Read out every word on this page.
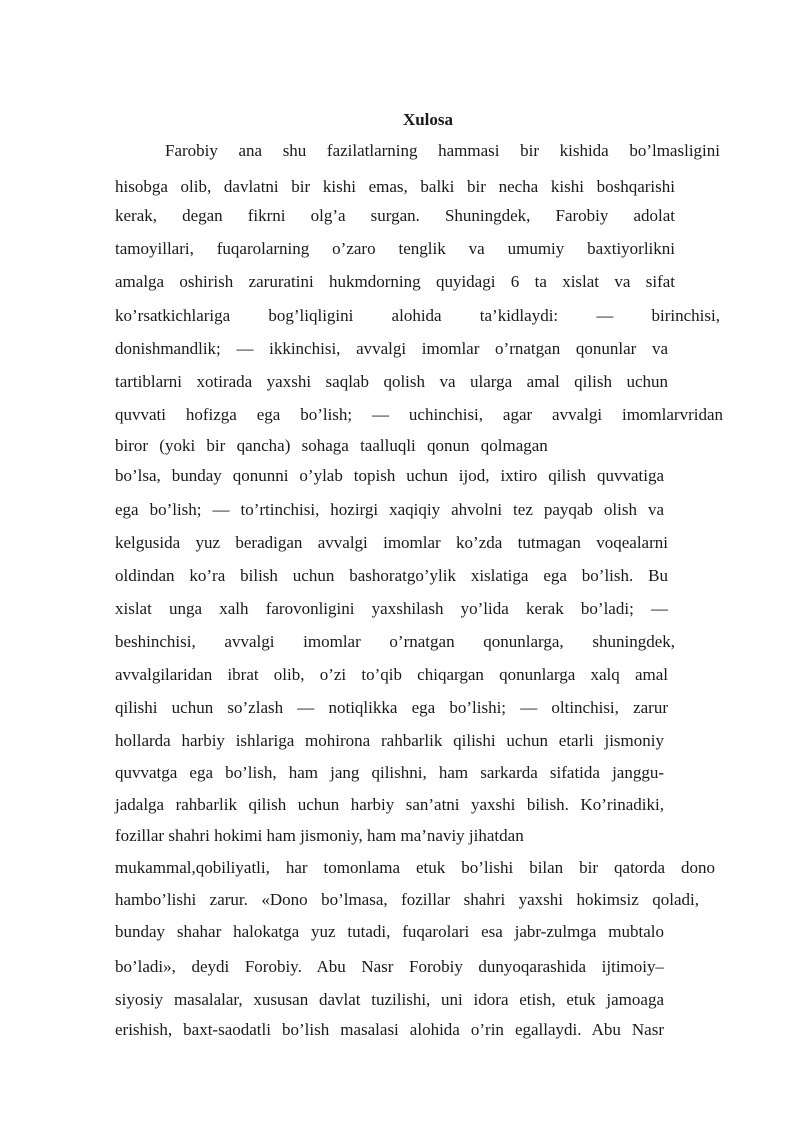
Xulosa
Farobiy ana shu fazilatlarning hammasi bir kishida bo’lmasligini
hisobga olib, davlatni bir kishi emas, balki bir necha kishi boshqarishi
kerak, degan fikrni olg’a surgan. Shuningdek, Farobiy adolat
tamoyillari, fuqarolarning o’zaro tenglik va umumiy baxtiyorlikni
amalga oshirish zaruratini hukmdorning quyidagi 6 ta xislat va sifat
ko’rsatkichlariga bog’liqligini alohida ta’kidlaydi: — birinchisi,
donishmandlik; — ikkinchisi, avvalgi imomlar o’rnatgan qonunlar va
tartiblarni xotirada yaxshi saqlab qolish va ularga amal qilish uchun
quvvati hofizga ega bo’lish; — uchinchisi, agar avvalgi imomlarvridan
biror (yoki bir qancha) sohaga taalluqli qonun qolmagan
bo’lsa, bunday qonunni o’ylab topish uchun ijod, ixtiro qilish quvvatiga
ega bo’lish; — to’rtinchisi, hozirgi xaqiqiy ahvolni tez payqab olish va
kelgusida yuz beradigan avvalgi imomlar ko’zda tutmagan voqealarni
oldindan ko’ra bilish uchun bashoratgo’ylik xislatiga ega bo’lish. Bu
xislat unga xalh farovonligini yaxshilash yo’lida kerak bo’ladi; —
beshinchisi, avvalgi imomlar o’rnatgan qonunlarga, shuningdek,
avvalgilaridan ibrat olib, o’zi to’qib chiqargan qonunlarga xalq amal
qilishi uchun so’zlash — notiqlikka ega bo’lishi; — oltinchisi, zarur
hollarda harbiy ishlariga mohirona rahbarlik qilishi uchun etarli jismoniy
quvvatga ega bo’lish, ham jang qilishni, ham sarkarda sifatida janggu-
jadalga rahbarlik qilish uchun harbiy san’atni yaxshi bilish. Ko’rinadiki,
fozillar shahri hokimi ham jismoniy, ham ma’naviy jihatdan
mukammal,qobiliyatli, har tomonlama etuk bo’lishi bilan bir qatorda dono
hambo’lishi zarur. «Dono bo’lmasa, fozillar shahri yaxshi hokimsiz qoladi,
bunday shahar halokatga yuz tutadi, fuqarolari esa jabr-zulmga mubtalo
bo’ladi», deydi Forobiy. Abu Nasr Forobiy dunyoqarashida ijtimoiy–
siyosiy masalalar, xususan davlat tuzilishi, uni idora etish, etuk jamoaga
erishish, baxt-saodatli bo’lish masalasi alohida o’rin egallaydi. Abu Nasr
